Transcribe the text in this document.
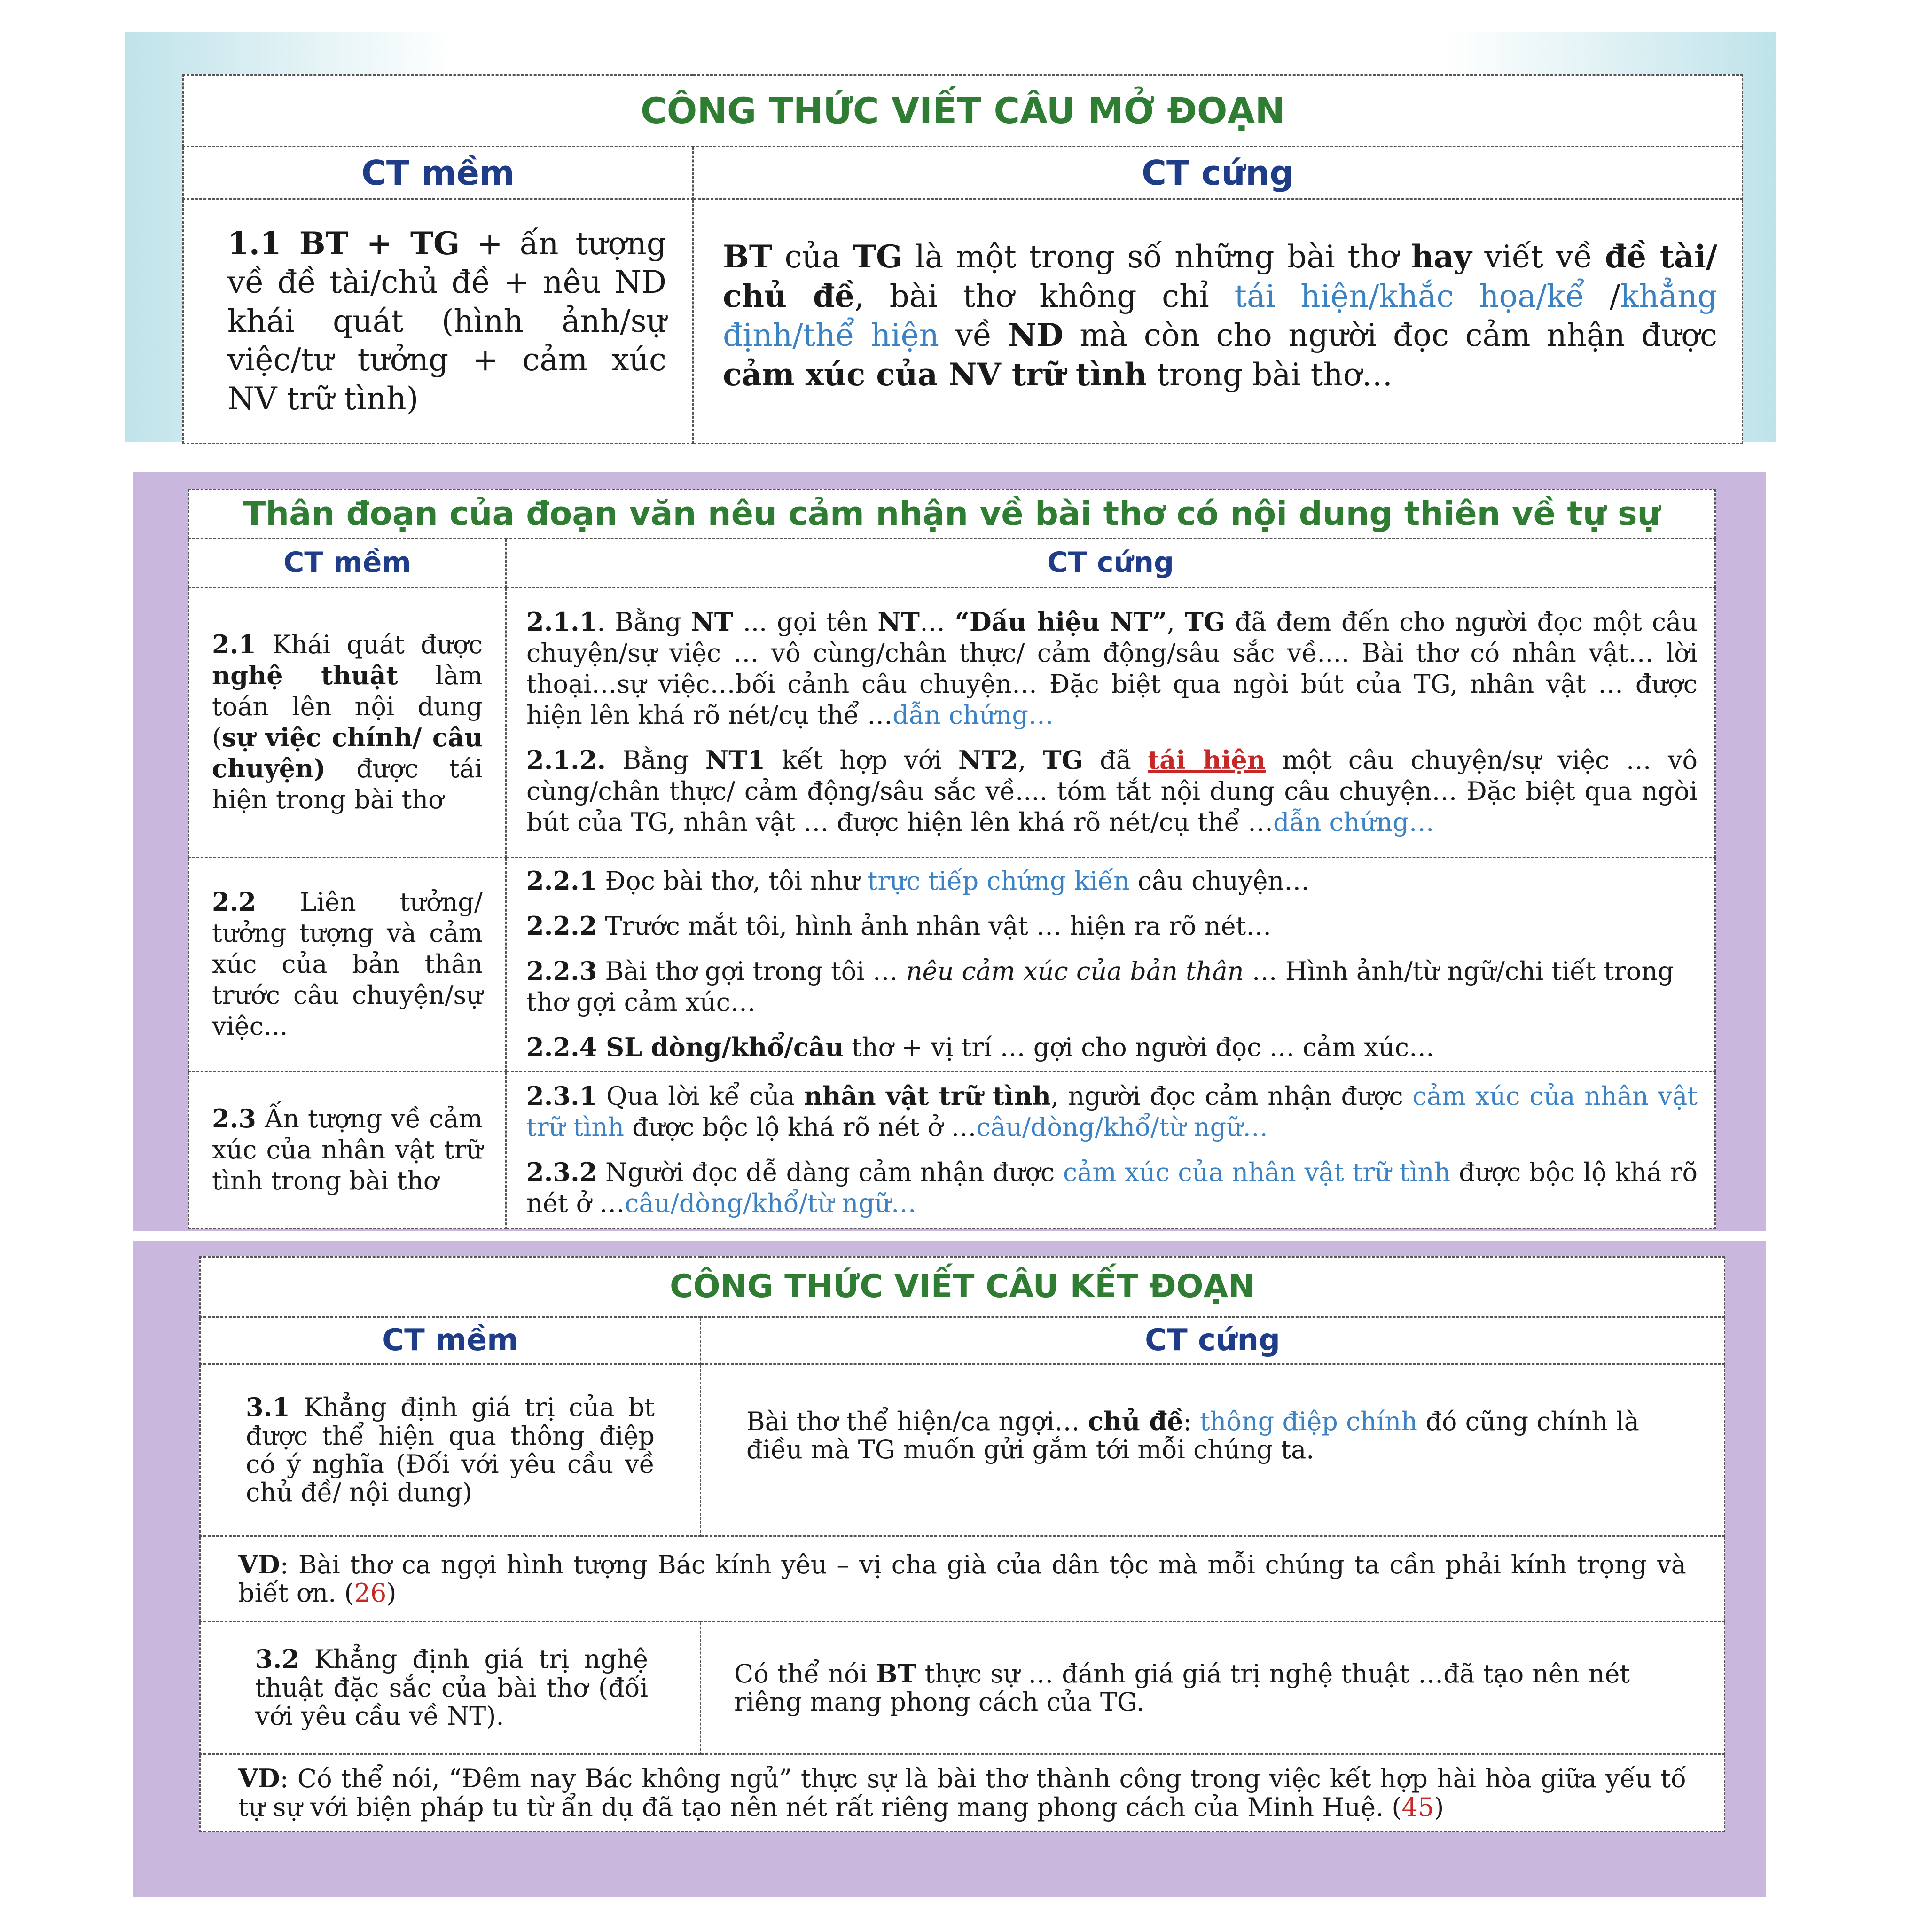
CÔNG THỨC VIẾT CÂU MỞ ĐOẠN	
CT mềm	CT cứng
1.1 BT + TG + ấn tượng về đề tài/chủ đề + nêu ND khái quát (hình ảnh/sự việc/tư tưởng + cảm xúc NV trữ tình)	BT của TG là một trong số những bài thơ hay viết về đề tài/ chủ đề, bài thơ không chỉ tái hiện/khắc họa/kể /khẳng định/thể hiện về ND mà còn cho người đọc cảm nhận được cảm xúc của NV trữ tình trong bài thơ…
Thân đoạn của đoạn văn nêu cảm nhận về bài thơ có nội dung thiên về tự sự	
CT mềm	CT cứng
2.1 Khái quát được nghệ thuật làm toán lên nội dung (sự việc chính/ câu chuyện) được tái hiện trong bài thơ	2.1.1. Bằng NT ... gọi tên NT… “Dấu hiệu NT”, TG đã đem đến cho người đọc một câu chuyện/sự việc … vô cùng/chân thực/ cảm động/sâu sắc về.... Bài thơ có nhân vật… lời thoại…sự việc…bối cảnh câu chuyện… Đặc biệt qua ngòi bút của TG, nhân vật … được hiện lên khá rõ nét/cụ thể …dẫn chứng…

2.1.2. Bằng NT1 kết hợp với NT2, TG đã tái hiện một câu chuyện/sự việc … vô cùng/chân thực/ cảm động/sâu sắc về.... tóm tắt nội dung câu chuyện… Đặc biệt qua ngòi bút của TG, nhân vật … được hiện lên khá rõ nét/cụ thể …dẫn chứng…

2.2 Liên tưởng/ tưởng tượng và cảm xúc của bản thân trước câu chuyện/sự việc...	2.2.1 Đọc bài thơ, tôi như trực tiếp chứng kiến câu chuyện…

2.2.2 Trước mắt tôi, hình ảnh nhân vật … hiện ra rõ nét…

2.2.3 Bài thơ gợi trong tôi … nêu cảm xúc của bản thân … Hình ảnh/từ ngữ/chi tiết trong thơ gợi cảm xúc…

2.2.4 SL dòng/khổ/câu thơ + vị trí … gợi cho người đọc … cảm xúc…

2.3 Ấn tượng về cảm xúc của nhân vật trữ tình trong bài thơ	2.3.1 Qua lời kể của nhân vật trữ tình, người đọc cảm nhận được cảm xúc của nhân vật trữ tình được bộc lộ khá rõ nét ở …câu/dòng/khổ/từ ngữ…

2.3.2 Người đọc dễ dàng cảm nhận được cảm xúc của nhân vật trữ tình được bộc lộ khá rõ nét ở …câu/dòng/khổ/từ ngữ…

CÔNG THỨC VIẾT CÂU KẾT ĐOẠN	
CT mềm	CT cứng
3.1 Khẳng định giá trị của bt được thể hiện qua thông điệp có ý nghĩa (Đối với yêu cầu về chủ đề/ nội dung)	Bài thơ thể hiện/ca ngợi… chủ đề: thông điệp chính đó cũng chính là điều mà TG muốn gửi gắm tới mỗi chúng ta.
VD: Bài thơ ca ngợi hình tượng Bác kính yêu – vị cha già của dân tộc mà mỗi chúng ta cần phải kính trọng và biết ơn. (26)	
3.2 Khẳng định giá trị nghệ thuật đặc sắc của bài thơ (đối với yêu cầu về NT).	Có thể nói BT thực sự … đánh giá giá trị nghệ thuật …đã tạo nên nét riêng mang phong cách của TG.
VD: Có thể nói, “Đêm nay Bác không ngủ” thực sự là bài thơ thành công trong việc kết hợp hài hòa giữa yếu tố tự sự với biện pháp tu từ ẩn dụ đã tạo nên nét rất riêng mang phong cách của Minh Huệ. (45)	
